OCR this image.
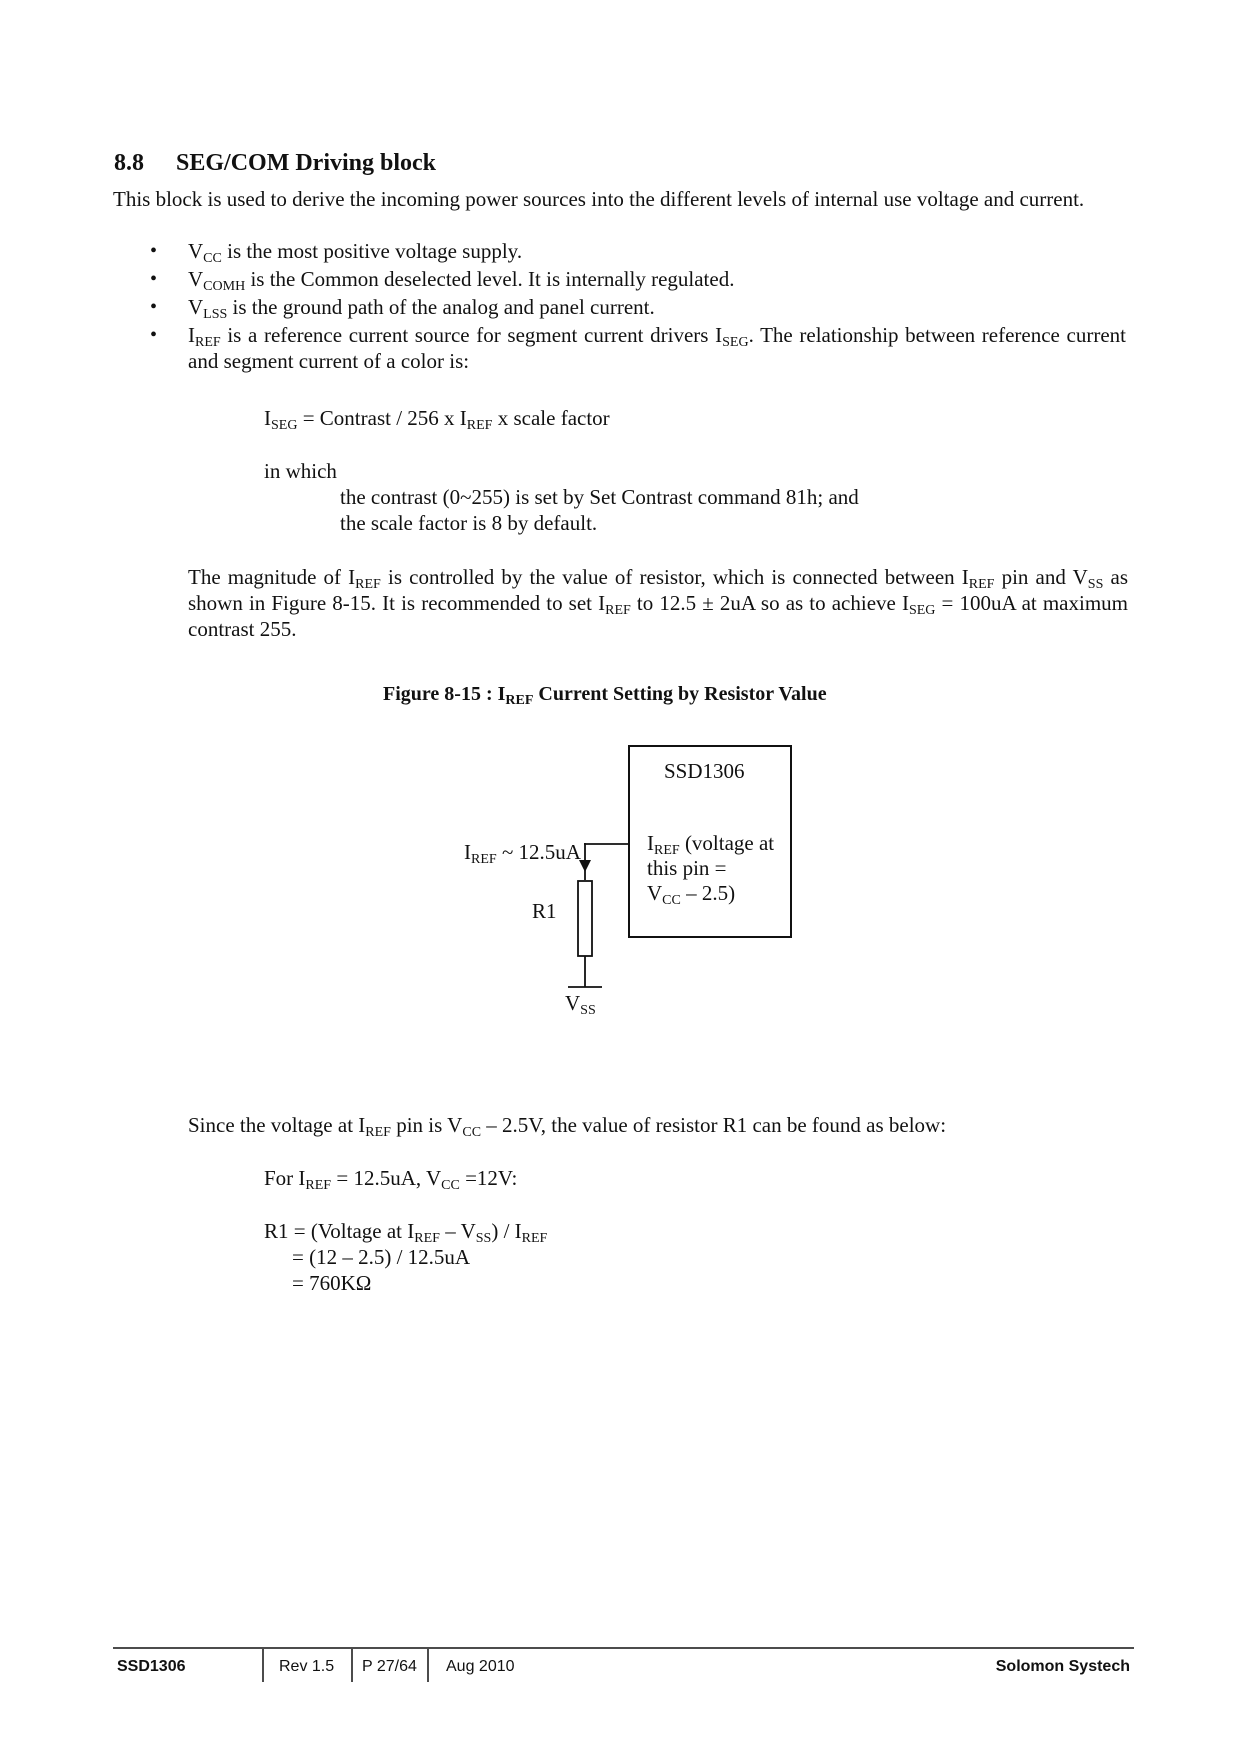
8.8 SEG/COM Driving block
This block is used to derive the incoming power sources into the different levels of internal use voltage and current.
• $V_{CC}$ is the most positive voltage supply.
• $V_{COMH}$ is the Common deselected level. It is internally regulated.
• $V_{LSS}$ is the ground path of the analog and panel current.
• $I_{REF}$ is a reference current source for segment current drivers $I_{SEG}$. The relationship between reference current and segment current of a color is:
$I_{SEG}$ = Contrast / 256 x $I_{REF}$ x scale factor
in which
the contrast (0~255) is set by Set Contrast command 81h; and
the scale factor is 8 by default.
The magnitude of $I_{REF}$ is controlled by the value of resistor, which is connected between $I_{REF}$ pin and $V_{SS}$ as shown in Figure 8-15. It is recommended to set $I_{REF}$ to 12.5 ± 2uA so as to achieve $I_{SEG} = 100uA$ at maximum contrast 255.
Figure 8-15 : $I_{REF}$ Current Setting by Resistor Value
SSD1306
$I_{REF}$ (voltage at
this pin =
$V_{CC} - 2.5$)
$I_{REF}$ ~ 12.5uA
R1
$V_{SS}$
Since the voltage at $I_{REF}$ pin is $V_{CC} - 2.5V$, the value of resistor R1 can be found as below:
For $I_{REF} = 12.5uA$, $V_{CC} =12V$:
R1 = (Voltage at $I_{REF} - V_{SS}) / I_{REF}$
= (12 – 2.5) / 12.5uA
= 760KΩ
SSD1306	Rev 1.5 P 27/64 Aug 2010	Solomon Systech
